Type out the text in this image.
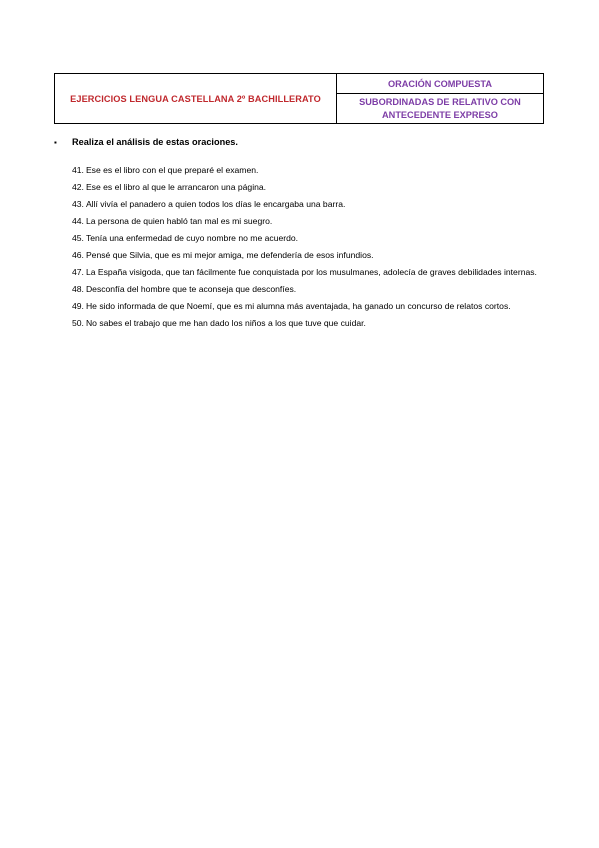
EJERCICIOS LENGUA CASTELLANA 2º BACHILLERATO
ORACIÓN COMPUESTA
SUBORDINADAS DE RELATIVO CON
ANTECEDENTE EXPRESO
▪	Realiza el análisis de estas oraciones.

41. Ese es el libro con el que preparé el examen.

42. Ese es el libro al que le arrancaron una página.

43. Allí vivía el panadero a quien todos los días le encargaba una barra.

44. La persona de quien habló tan mal es mi suegro.

45. Tenía una enfermedad de cuyo nombre no me acuerdo.

46. Pensé que Silvia, que es mi mejor amiga, me defendería de esos infundios.

47. La España visigoda, que tan fácilmente fue conquistada por los musulmanes, adolecía de graves debilidades internas.

48. Desconfía del hombre que te aconseja que desconfíes.

49. He sido informada de que Noemí, que es mi alumna más aventajada, ha ganado un concurso de relatos cortos.

50. No sabes el trabajo que me han dado los niños a los que tuve que cuidar.
